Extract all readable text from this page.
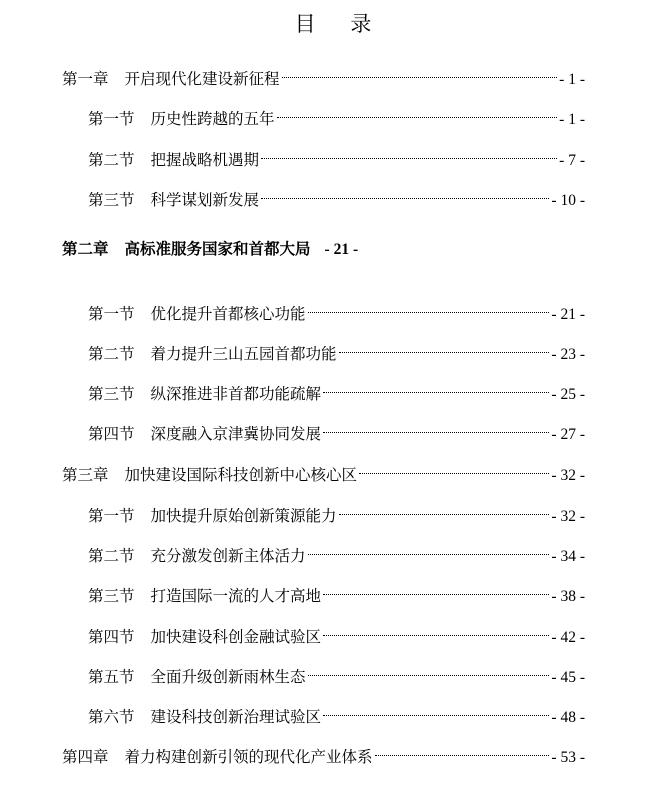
目 录
第一章 开启现代化建设新征程	- 1 -
第一节 历史性跨越的五年	- 1 -
第二节 把握战略机遇期	- 7 -
第三节 科学谋划新发展	- 10 -
第二章 高标准服务国家和首都大局 - 21 -
第一节 优化提升首都核心功能	- 21 -
第二节 着力提升三山五园首都功能	- 23 -
第三节 纵深推进非首都功能疏解	- 25 -
第四节 深度融入京津冀协同发展	- 27 -
第三章 加快建设国际科技创新中心核心区	- 32 -
第一节 加快提升原始创新策源能力	- 32 -
第二节 充分激发创新主体活力	- 34 -
第三节 打造国际一流的人才高地	- 38 -
第四节 加快建设科创金融试验区	- 42 -
第五节 全面升级创新雨林生态	- 45 -
第六节 建设科技创新治理试验区	- 48 -
第四章 着力构建创新引领的现代化产业体系	- 53 -
